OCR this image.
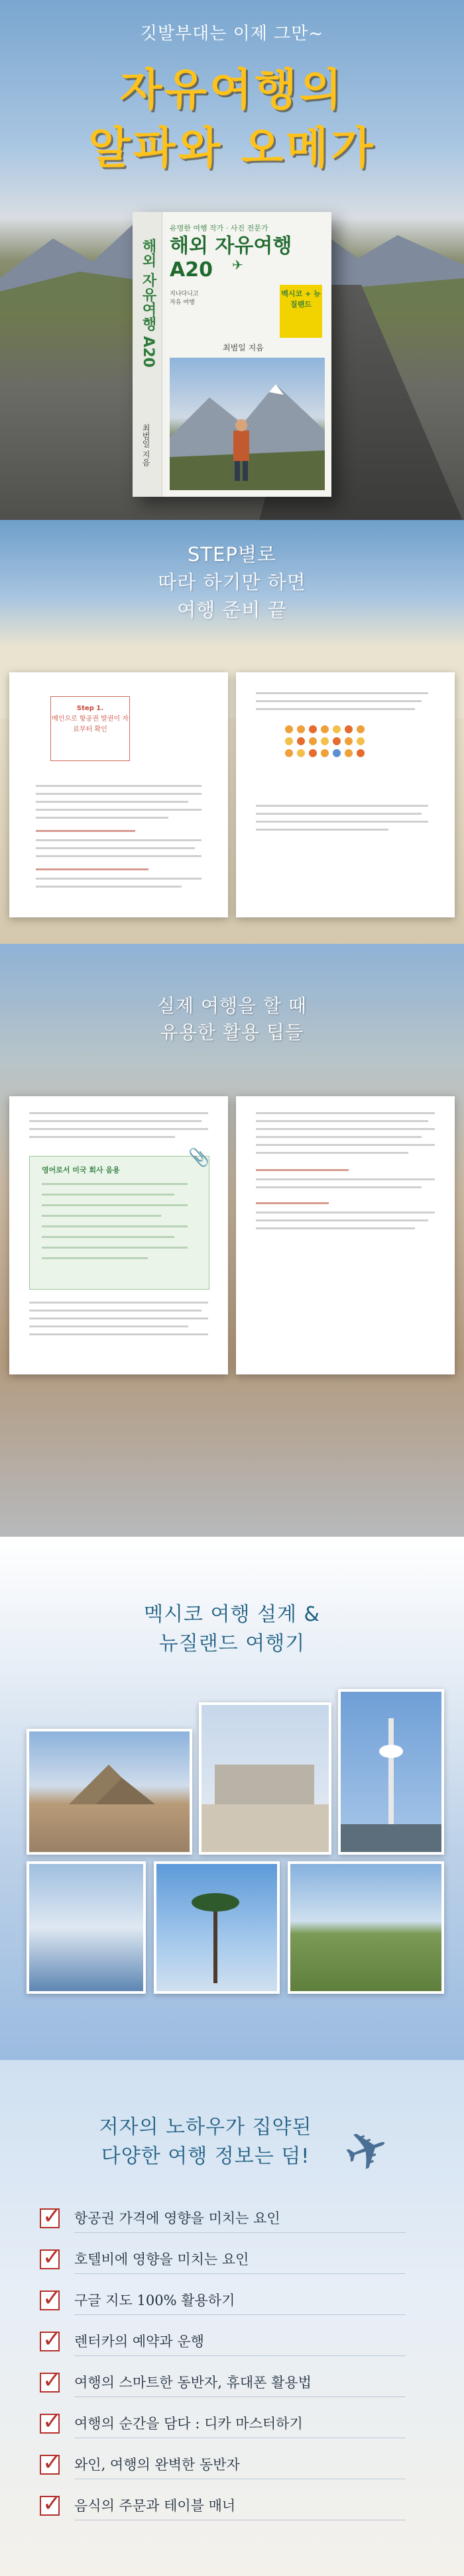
깃발부대는 이제 그만~
자유여행의
알파와 오메가
해외 자유여행 A20
최범일 지음
유명한 여행 작가 · 사진 전문가
해외 자유여행
A20	✈
지나다니고
자유 여행
멕시코 + 뉴질랜드
최범일 지음
STEP별로
따라 하기만 하면
여행 준비 끝
Step 1.
메인으로 항공권 발권이 자료부터 확인
실제 여행을 할 때
유용한 활용 팁들
영어로서 미국 회사 음용
📎
멕시코 여행 설계 &
뉴질랜드 여행기
저자의 노하우가 집약된
다양한 여행 정보는 덤! ✈
✓ 항공권 가격에 영향을 미치는 요인
✓ 호텔비에 영향을 미치는 요인
✓ 구글 지도 100% 활용하기
✓ 렌터카의 예약과 운행
✓ 여행의 스마트한 동반자, 휴대폰 활용법
✓ 여행의 순간을 담다 : 디카 마스터하기
✓ 와인, 여행의 완벽한 동반자
✓ 음식의 주문과 테이블 매너
